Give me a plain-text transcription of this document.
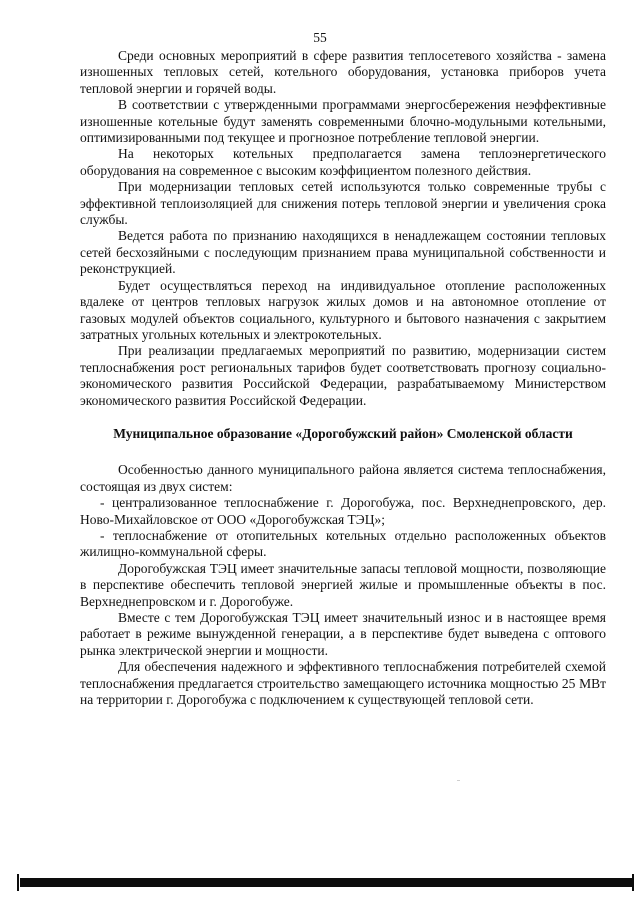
55

Среди основных мероприятий в сфере развития теплосетевого хозяйства - замена изношенных тепловых сетей, котельного оборудования, установка приборов учета тепловой энергии и горячей воды.

В соответствии с утвержденными программами энергосбережения неэффективные изношенные котельные будут заменять современными блочно-модульными котельными, оптимизированными под текущее и прогнозное потребление тепловой энергии.

На некоторых котельных предполагается замена теплоэнергетического оборудования на современное с высоким коэффициентом полезного действия.

При модернизации тепловых сетей используются только современные трубы с эффективной теплоизоляцией для снижения потерь тепловой энергии и увеличения срока службы.

Ведется работа по признанию находящихся в ненадлежащем состоянии тепловых сетей бесхозяйными с последующим признанием права муниципальной собственности и реконструкцией.

Будет осуществляться переход на индивидуальное отопление расположенных вдалеке от центров тепловых нагрузок жилых домов и на автономное отопление от газовых модулей объектов социального, культурного и бытового назначения с закрытием затратных угольных котельных и электрокотельных.

При реализации предлагаемых мероприятий по развитию, модернизации систем теплоснабжения рост региональных тарифов будет соответствовать прогнозу социально-экономического развития Российской Федерации, разрабатываемому Министерством экономического развития Российской Федерации.

Муниципальное образование «Дорогобужский район» Смоленской области

Особенностью данного муниципального района является система теплоснабжения, состоящая из двух систем:

- централизованное теплоснабжение г. Дорогобужа, пос. Верхнеднепровского, дер. Ново-Михайловское от ООО «Дорогобужская ТЭЦ»;

- теплоснабжение от отопительных котельных отдельно расположенных объектов жилищно-коммунальной сферы.

Дорогобужская ТЭЦ имеет значительные запасы тепловой мощности, позволяющие в перспективе обеспечить тепловой энергией жилые и промышленные объекты в пос. Верхнеднепровском и г. Дорогобуже.

Вместе с тем Дорогобужская ТЭЦ имеет значительный износ и в настоящее время работает в режиме вынужденной генерации, а в перспективе будет выведена с оптового рынка электрической энергии и мощности.

Для обеспечения надежного и эффективного теплоснабжения потребителей схемой теплоснабжения предлагается строительство замещающего источника мощностью 25 МВт на территории г. Дорогобужа с подключением к существующей тепловой сети.
